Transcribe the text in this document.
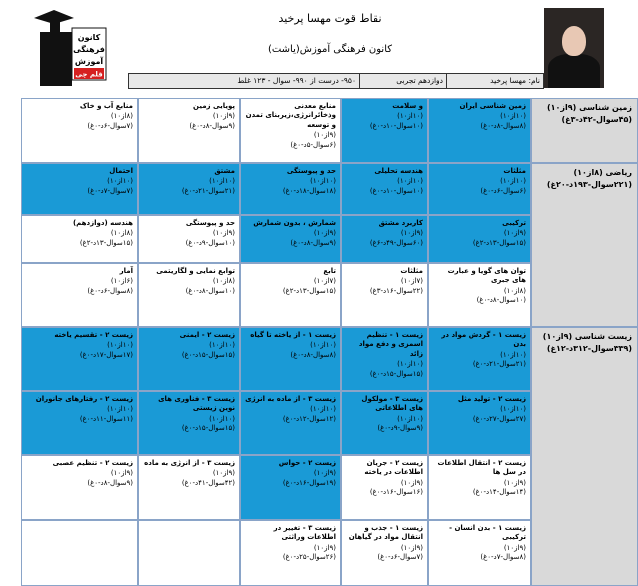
کانون
فرهنگی
آموزش
قلم چی
نقاط قوت مهسا پرخید
کانون فرهنگی آموزش(یاشت)
نام: مهسا پرخید
دوازدهم تجربی
۹۵۰- درست از ۹۹۰- سوال - ۱۲۳ غلط
زمین شناسی (۹از۱۰) (۴۵سوال-۴۲د-۳غ)
ریاضی (۸از۱۰) (۲۲۱سوال-۱۹۳د-۲۰غ)
زیست شناسی (۹از۱۰) (۳۳۹سوال-۳۱۲د-۱۲غ)
زمین شناسی ایران
(۱۰از۱۰)
(۸سوال-۸د-۰غ)
و سلامت
(۱۰از۱۰)
(۱۰سوال-۱۰د-۰غ)
منابع معدنی وذخائرانرژی،زیربنای تمدن و توسعه
(۹از۱۰)
(۶سوال-۵د-۰غ)
پویایی زمین
(۹از۱۰)
(۹سوال-۸د-۰غ)
منابع آب و خاک
(۸از۱۰)
(۷سوال-۶د-۰غ)
مثلثات
(۱۰از۱۰)
(۶سوال-۶د-۰غ)
هندسه تحلیلی
(۱۰از۱۰)
(۱۰سوال-۱۰د-۰غ)
حد و پیوستگی
(۱۰از۱۰)
(۱۸سوال-۱۸د-۰غ)
مشتق
(۱۰از۱۰)
(۲۱سوال-۲۱د-۰غ)
احتمال
(۱۰از۱۰)
(۷سوال-۷د-۰غ)
ترکیبی
(۹از۱۰)
(۱۵سوال-۱۳د-۲غ)
کاربرد مشتق
(۹از۱۰)
(۶۰سوال-۴۹د-۶غ)
شمارش ، بدون شمارش
(۹از۱۰)
(۹سوال-۸د-۰غ)
حد و پیوستگی
(۹از۱۰)
(۱۰سوال-۹د-۰غ)
هندسه (دوازدهم)
(۸از۱۰)
(۱۵سوال-۱۳د-۲غ)
توان های گویا و عبارت های جبری
(۸از۱۰)
(۱۰سوال-۸د-۰غ)
مثلثات
(۷از۱۰)
(۲۲سوال-۱۶د-۳غ)
تابع
(۷از۱۰)
(۱۵سوال-۱۳د-۲غ)
توابع نمایی و لگاریتمی
(۸از۱۰)
(۱۰سوال-۸د-۰غ)
آمار
(۶از۱۰)
(۸سوال-۶د-۰غ)
زیست ۱ - گردش مواد در بدن
(۱۰از۱۰)
(۲۱سوال-۲۱د-۰غ)
زیست ۱ - تنظیم اسمزی و دفع مواد زائد
(۱۰از۱۰)
(۱۵سوال-۱۵د-۰غ)
زیست ۱ - از یاخته تا گیاه
(۱۰از۱۰)
(۸سوال-۸د-۰غ)
زیست ۲ - ایمنی
(۱۰از۱۰)
(۱۵سوال-۱۵د-۰غ)
زیست ۲ - تقسیم یاخته
(۱۰از۱۰)
(۱۷سوال-۱۷د-۰غ)
زیست ۲ - تولید مثل
(۱۰از۱۰)
(۲۷سوال-۲۷د-۰غ)
زیست ۳ - مولکول های اطلاعاتی
(۱۰از۱۰)
(۹سوال-۹د-۰غ)
زیست ۳ - از ماده به انرژی
(۱۰از۱۰)
(۱۲سوال-۱۲د-۰غ)
زیست ۳ - فناوری های نوین زیستی
(۱۰از۱۰)
(۱۵سوال-۱۵د-۰غ)
زیست ۲ - رفتارهای جانوران
(۱۰از۱۰)
(۱۱سوال-۱۱د-۰غ)
زیست ۲ - انتقال اطلاعات در سل ها
(۹از۱۰)
(۱۴سوال-۱۴د-۰غ)
زیست ۲ - جریان اطلاعات در یاخته
(۹از۱۰)
(۱۶سوال-۱۶د-۰غ)
زیست ۲ - حواس
(۹از۱۰)
(۱۹سوال-۱۶د-۰غ)
زیست ۳ - از انرژی به ماده
(۹از۱۰)
(۴۲سوال-۴۱د-۰غ)
زیست ۲ - تنظیم عصبی
(۹از۱۰)
(۹سوال-۸د-۰غ)
زیست ۱ - بدن انسان - ترکیبی
(۹از۱۰)
(۸سوال-۷د-۰غ)
زیست ۱ - جذب و انتقال مواد در گیاهان
(۹از۱۰)
(۷سوال-۶د-۰غ)
زیست ۳ - تغییر در اطلاعات وراثتی
(۹از۱۰)
(۲۶سوال-۲۵د-۰غ)
